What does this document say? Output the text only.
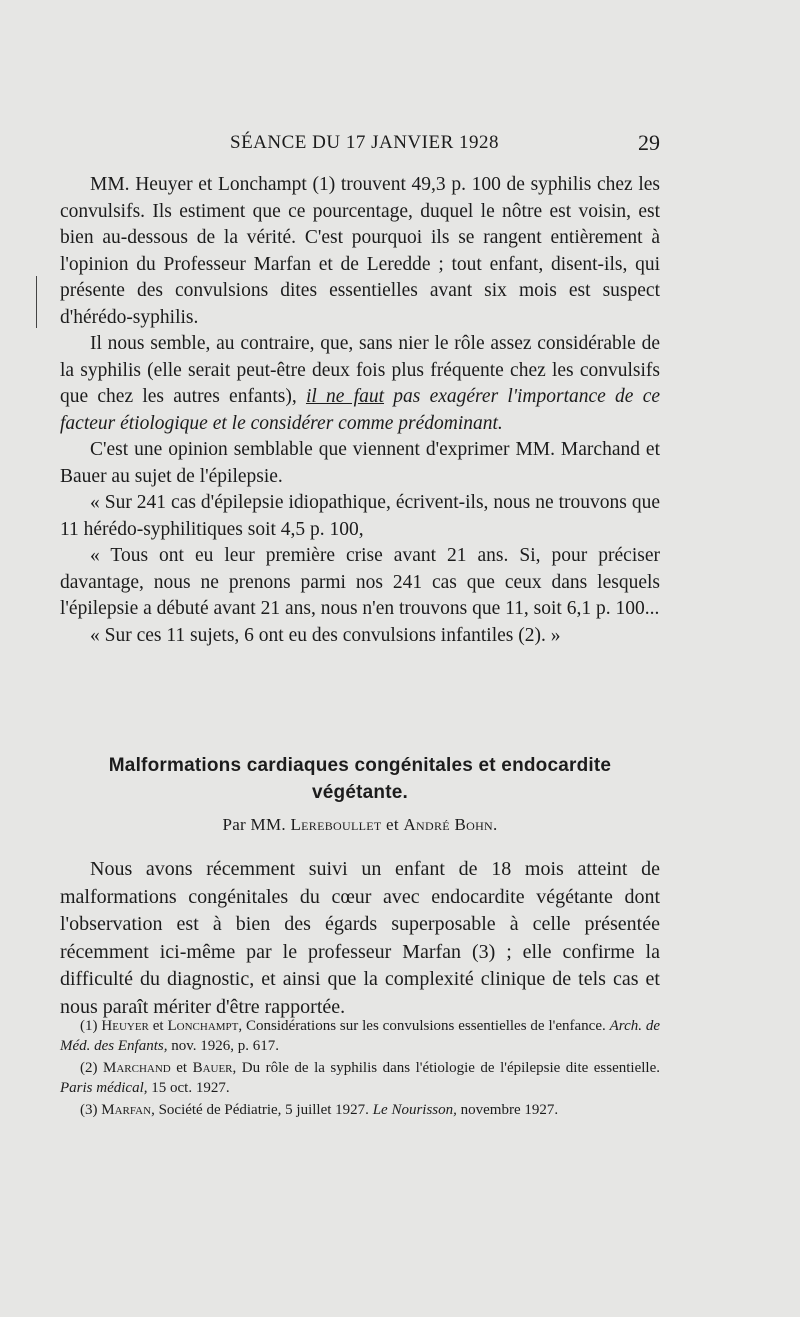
SÉANCE DU 17 JANVIER 1928	29

MM. Heuyer et Lonchampt (1) trouvent 49,3 p. 100 de syphilis chez les convulsifs. Ils estiment que ce pourcentage, duquel le nôtre est voisin, est bien au-dessous de la vérité. C'est pourquoi ils se rangent entièrement à l'opinion du Professeur Marfan et de Leredde ; tout enfant, disent-ils, qui présente des convulsions dites essentielles avant six mois est suspect d'hérédo-syphilis.

Il nous semble, au contraire, que, sans nier le rôle assez considérable de la syphilis (elle serait peut-être deux fois plus fréquente chez les convulsifs que chez les autres enfants), il ne faut pas exagérer l'importance de ce facteur étiologique et le considérer comme prédominant.

C'est une opinion semblable que viennent d'exprimer MM. Marchand et Bauer au sujet de l'épilepsie.

« Sur 241 cas d'épilepsie idiopathique, écrivent-ils, nous ne trouvons que 11 hérédo-syphilitiques soit 4,5 p. 100,

« Tous ont eu leur première crise avant 21 ans. Si, pour préciser davantage, nous ne prenons parmi nos 241 cas que ceux dans lesquels l'épilepsie a débuté avant 21 ans, nous n'en trouvons que 11, soit 6,1 p. 100...

« Sur ces 11 sujets, 6 ont eu des convulsions infantiles (2). »

Malformations cardiaques congénitales et endocardite végétante.
Par MM. Lereboullet et André Bohn.

Nous avons récemment suivi un enfant de 18 mois atteint de malformations congénitales du cœur avec endocardite végétante dont l'observation est à bien des égards superposable à celle présentée récemment ici-même par le professeur Marfan (3) ; elle confirme la difficulté du diagnostic, et ainsi que la complexité clinique de tels cas et nous paraît mériter d'être rapportée.

(1) Heuyer et Lonchampt, Considérations sur les convulsions essentielles de l'enfance. Arch. de Méd. des Enfants, nov. 1926, p. 617.

(2) Marchand et Bauer, Du rôle de la syphilis dans l'étiologie de l'épilepsie dite essentielle. Paris médical, 15 oct. 1927.

(3) Marfan, Société de Pédiatrie, 5 juillet 1927. Le Nourisson, novembre 1927.
